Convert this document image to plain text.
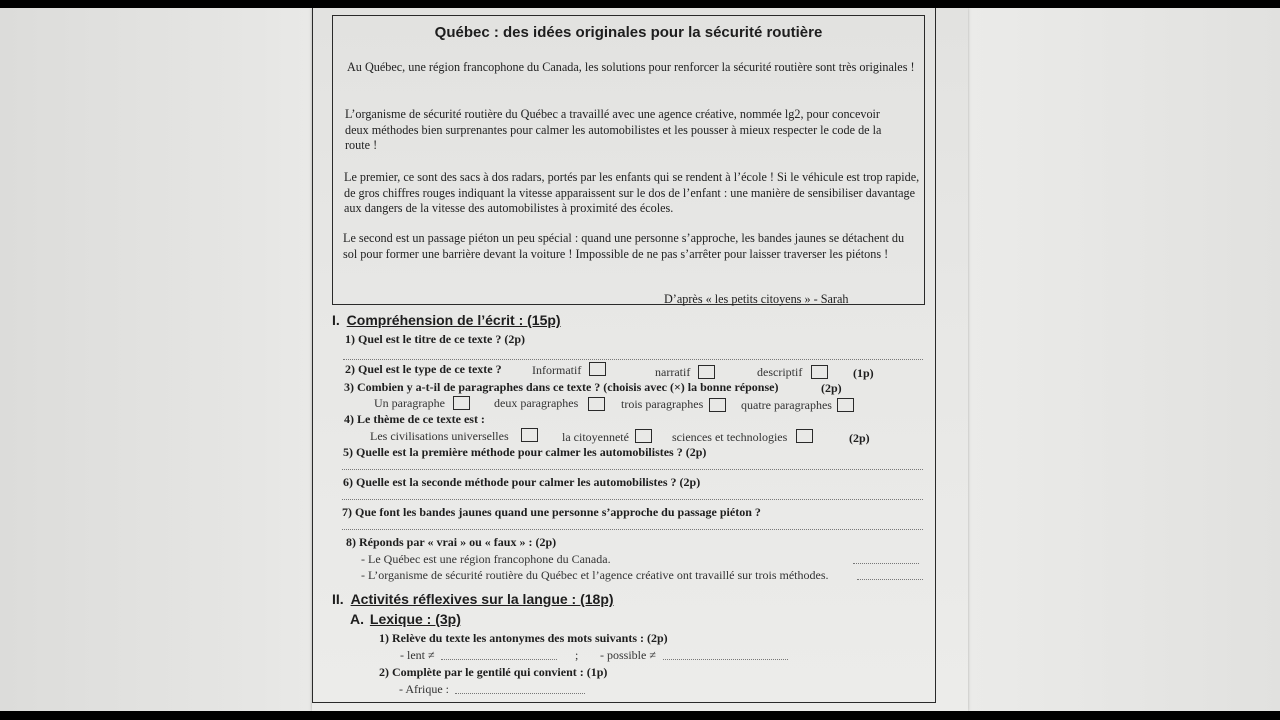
Québec : des idées originales pour la sécurité routière
Au Québec, une région francophone du Canada, les solutions pour renforcer la sécurité routière sont très originales !
L’organisme de sécurité routière du Québec a travaillé avec une agence créative, nommée lg2, pour concevoir deux méthodes bien surprenantes pour calmer les automobilistes et les pousser à mieux respecter le code de la route !
Le premier, ce sont des sacs à dos radars, portés par les enfants qui se rendent à l’école ! Si le véhicule est trop rapide, de gros chiffres rouges indiquant la vitesse apparaissent sur le dos de l’enfant : une manière de sensibiliser davantage aux dangers de la vitesse des automobilistes à proximité des écoles.
Le second est un passage piéton un peu spécial : quand une personne s’approche, les bandes jaunes se détachent du sol pour former une barrière devant la voiture ! Impossible de ne pas s’arrêter pour laisser traverser les piétons !
D’après « les petits citoyens » - Sarah
I. Compréhension de l’écrit : (15p)
1) Quel est le titre de ce texte ? (2p)
2) Quel est le type de ce texte ?	Informatif	narratif	descriptif	(1p)
3) Combien y a-t-il de paragraphes dans ce texte ? (choisis avec (×) la bonne réponse)	(2p)
Un paragraphe	deux paragraphes	trois paragraphes	quatre paragraphes
4) Le thème de ce texte est :
Les civilisations universelles	la citoyenneté	sciences et technologies	(2p)
5) Quelle est la première méthode pour calmer les automobilistes ? (2p)
6) Quelle est la seconde méthode pour calmer les automobilistes ? (2p)
7) Que font les bandes jaunes quand une personne s’approche du passage piéton ?
8) Réponds par « vrai » ou « faux » : (2p)
- Le Québec est une région francophone du Canada.
- L’organisme de sécurité routière du Québec et l’agence créative ont travaillé sur trois méthodes.
II. Activités réflexives sur la langue : (18p)
A. Lexique : (3p)
1) Relève du texte les antonymes des mots suivants : (2p)
- lent ≠	; - possible ≠
2) Complète par le gentilé qui convient : (1p)
- Afrique :
